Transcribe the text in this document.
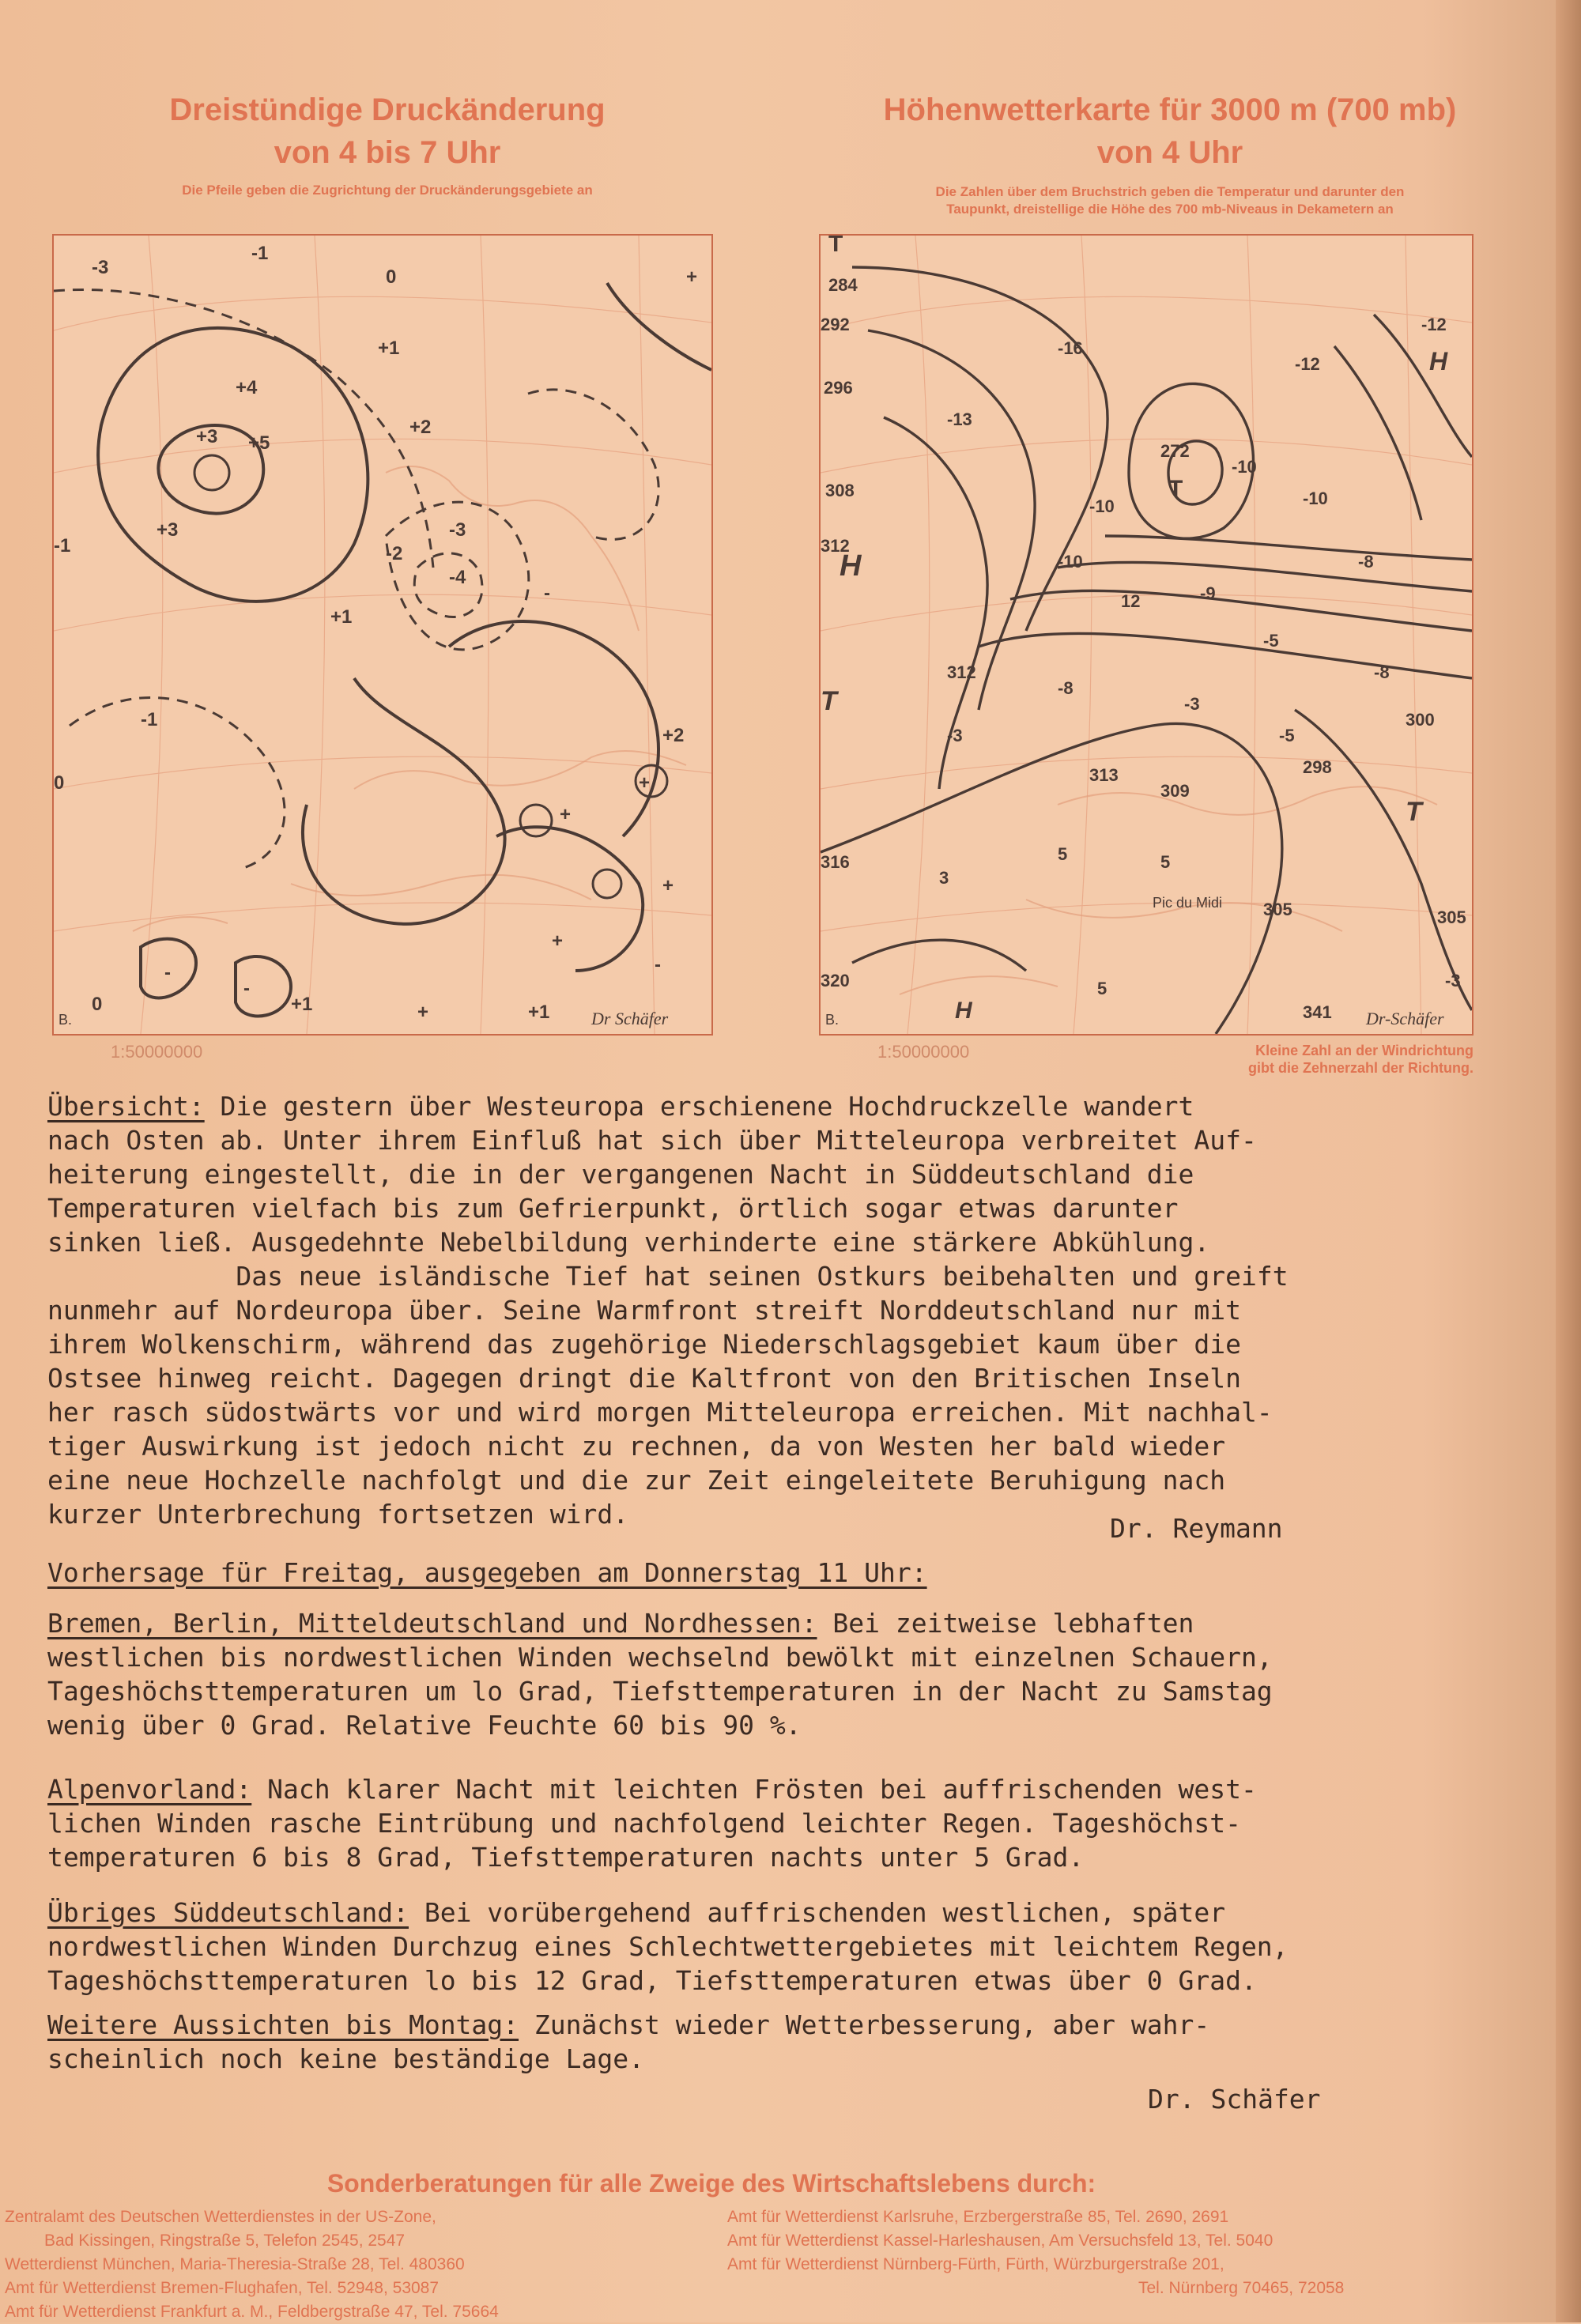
Dreistündige Druckänderung
von 4 bis 7 Uhr
Die Pfeile geben die Zugrichtung der Druckänderungsgebiete an
Höhenwetterkarte für 3000 m (700 mb)
von 4 Uhr
Die Zahlen über dem Bruchstrich geben die Temperatur und darunter den
Taupunkt, dreistellige die Höhe des 700 mb-Niveaus in Dekametern an
-3
-1
0	+
+1
+2
+4
+5
+3
+3
+1
-1	-2
-4
-3
-
-1
0
+
+
+2
+
+
0
-
-
-
+1	+1
+
B.	Dr Schäfer
1:50000000
T
284
292
296
308
312
H
T
316
320
T
272
H
T
-12
-12
-10
-10
-10
-16
-13
-10
12	-9
-5
-8
-8
-3
-5
-8
-3
313
309
3
5	5
5
305	305
-3
341
312
298
300
Pic du Midi
H
B.	Dr-Schäfer
1:50000000	Kleine Zahl an der Windrichtung
gibt die Zehnerzahl der Richtung.
Übersicht: Die gestern über Westeuropa erschienene Hochdruckzelle wandert
nach Osten ab. Unter ihrem Einfluß hat sich über Mitteleuropa verbreitet Auf-
heiterung eingestellt, die in der vergangenen Nacht in Süddeutschland die
Temperaturen vielfach bis zum Gefrierpunkt, örtlich sogar etwas darunter
sinken ließ. Ausgedehnte Nebelbildung verhinderte eine stärkere Abkühlung.
Das neue isländische Tief hat seinen Ostkurs beibehalten und greift
nunmehr auf Nordeuropa über. Seine Warmfront streift Norddeutschland nur mit
ihrem Wolkenschirm, während das zugehörige Niederschlagsgebiet kaum über die
Ostsee hinweg reicht. Dagegen dringt die Kaltfront von den Britischen Inseln
her rasch südostwärts vor und wird morgen Mitteleuropa erreichen. Mit nachhal-
tiger Auswirkung ist jedoch nicht zu rechnen, da von Westen her bald wieder
eine neue Hochzelle nachfolgt und die zur Zeit eingeleitete Beruhigung nach
kurzer Unterbrechung fortsetzen wird.	Dr. Reymann
Vorhersage für Freitag, ausgegeben am Donnerstag 11 Uhr:
Bremen, Berlin, Mitteldeutschland und Nordhessen: Bei zeitweise lebhaften
westlichen bis nordwestlichen Winden wechselnd bewölkt mit einzelnen Schauern,
Tageshöchsttemperaturen um lo Grad, Tiefsttemperaturen in der Nacht zu Samstag
wenig über 0 Grad. Relative Feuchte 60 bis 90 %.
Alpenvorland: Nach klarer Nacht mit leichten Frösten bei auffrischenden west-
lichen Winden rasche Eintrübung und nachfolgend leichter Regen. Tageshöchst-
temperaturen 6 bis 8 Grad, Tiefsttemperaturen nachts unter 5 Grad.
Übriges Süddeutschland: Bei vorübergehend auffrischenden westlichen, später
nordwestlichen Winden Durchzug eines Schlechtwettergebietes mit leichtem Regen,
Tageshöchsttemperaturen lo bis 12 Grad, Tiefsttemperaturen etwas über 0 Grad.
Weitere Aussichten bis Montag: Zunächst wieder Wetterbesserung, aber wahr-
scheinlich noch keine beständige Lage.
Dr. Schäfer
Sonderberatungen für alle Zweige des Wirtschaftslebens durch:
Zentralamt des Deutschen Wetterdienstes in der US-Zone,
Bad Kissingen, Ringstraße 5, Telefon 2545, 2547
Wetterdienst München, Maria-Theresia-Straße 28, Tel. 480360
Amt für Wetterdienst Bremen-Flughafen, Tel. 52948, 53087
Amt für Wetterdienst Frankfurt a. M., Feldbergstraße 47, Tel. 75664
Amt für Wetterdienst Karlsruhe, Erzbergerstraße 85, Tel. 2690, 2691
Amt für Wetterdienst Kassel-Harleshausen, Am Versuchsfeld 13, Tel. 5040
Amt für Wetterdienst Nürnberg-Fürth, Fürth, Würzburgerstraße 201,
Tel. Nürnberg 70465, 72058
